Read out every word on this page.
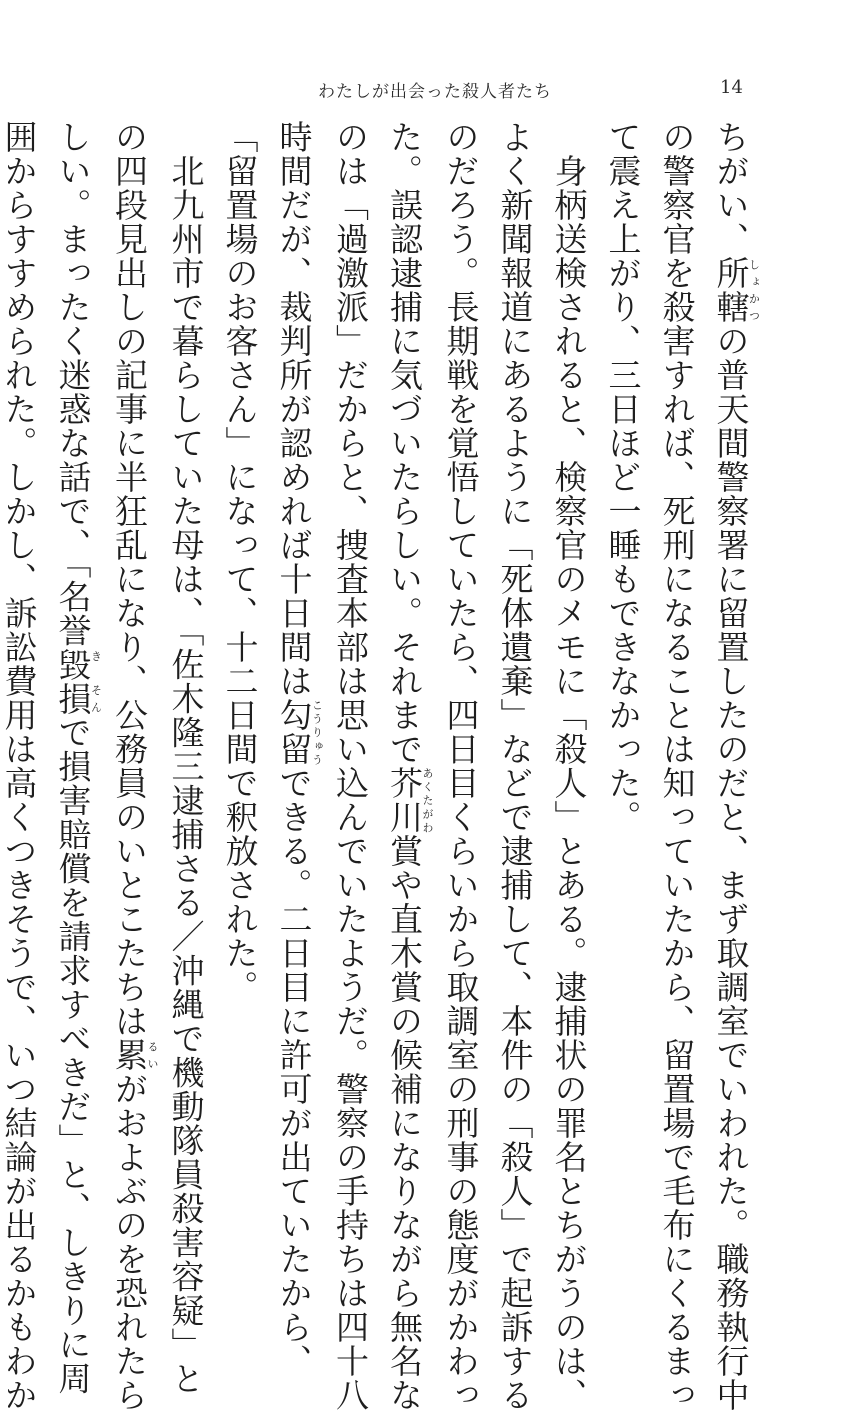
わたしが出会った殺人者たち	14
ちがい、所轄しょかつの普天間警察署に留置したのだと、まず取調室でいわれた。職務執行中
の警察官を殺害すれば、死刑になることは知っていたから、留置場で毛布にくるまっ
て震え上がり、三日ほど一睡もできなかった。
　身柄送検されると、検察官のメモに「殺人」とある。逮捕状の罪名とちがうのは、
よく新聞報道にあるように「死体遺棄」などで逮捕して、本件の「殺人」で起訴する
のだろう。長期戦を覚悟していたら、四日目くらいから取調室の刑事の態度がかわっ
た。誤認逮捕に気づいたらしい。それまで芥川あくたがわ賞や直木賞の候補になりながら無名な
のは「過激派」だからと、捜査本部は思い込んでいたようだ。警察の手持ちは四十八
時間だが、裁判所が認めれば十日間は勾留こうりゅうできる。二日目に許可が出ていたから、
「留置場のお客さん」になって、十二日間で釈放された。
　北九州市で暮らしていた母は、「佐木隆三逮捕さる／沖縄で機動隊員殺害容疑」と
の四段見出しの記事に半狂乱になり、公務員のいとこたちは累るいがおよぶのを恐れたら
しい。まったく迷惑な話で、「名誉毀損き　そんで損害賠償を請求すべきだ」と、しきりに周
囲からすすめられた。しかし、訴訟費用は高くつきそうで、いつ結論が出るかもわか
